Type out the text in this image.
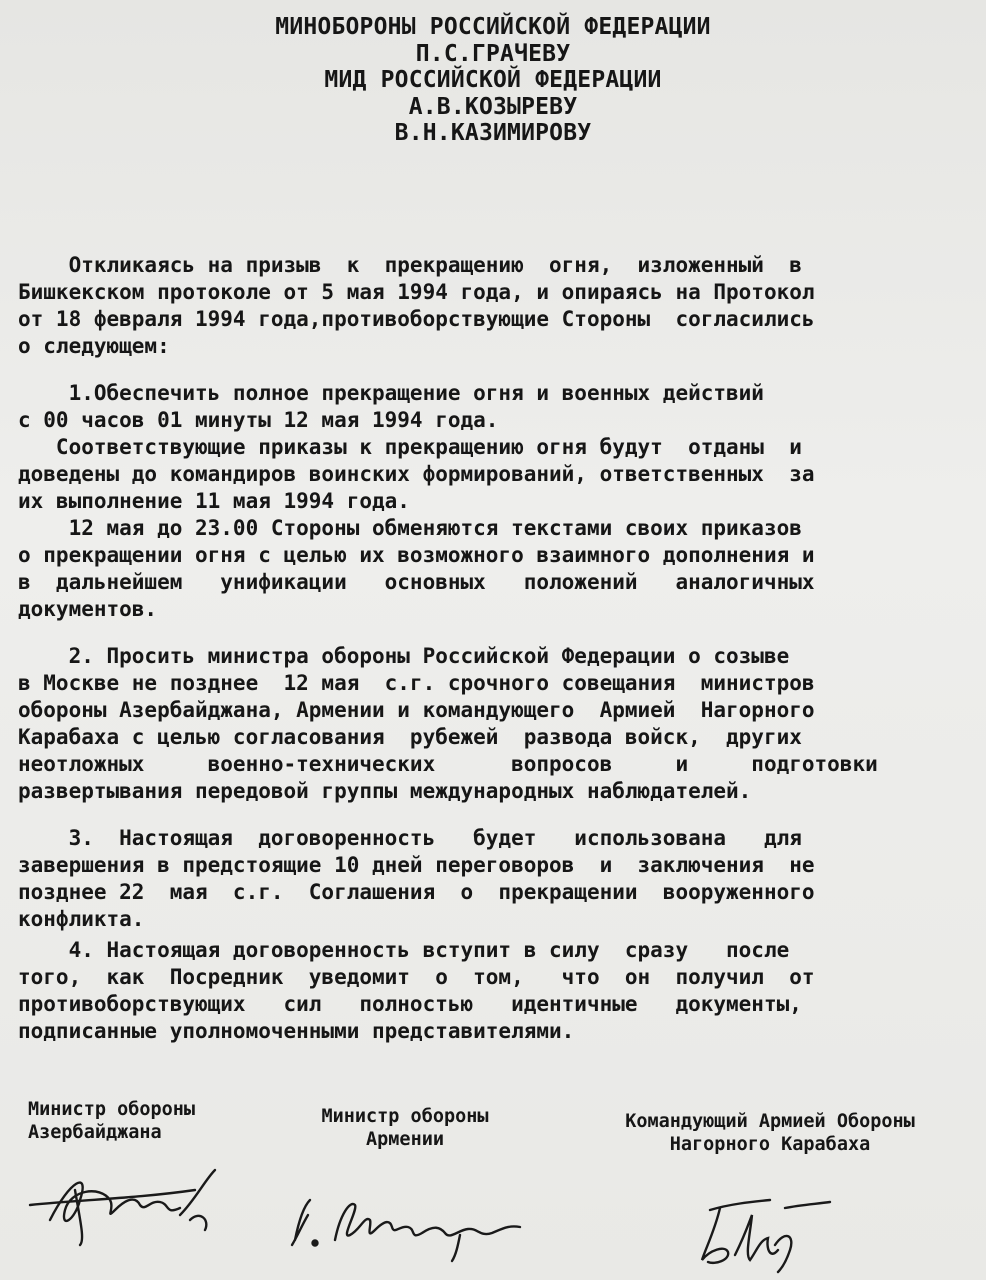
МИНОБОРОНЫ РОССИЙСКОЙ ФЕДЕРАЦИИ
П.С.ГРАЧЕВУ
МИД РОССИЙСКОЙ ФЕДЕРАЦИИ
А.В.КОЗЫРЕВУ
В.Н.КАЗИМИРОВУ
Откликаясь на призыв  к  прекращению  огня,  изложенный  в
Бишкекском протоколе от 5 мая 1994 года, и опираясь на Протокол
от 18 февраля 1994 года,противоборствующие Стороны  согласились
о следующем:
1.Обеспечить полное прекращение огня и военных действий
с 00 часов 01 минуты 12 мая 1994 года.
Соответствующие приказы к прекращению огня будут  отданы  и
доведены до командиров воинских формирований, ответственных  за
их выполнение 11 мая 1994 года.
12 мая до 23.00 Стороны обменяются текстами своих приказов
о прекращении огня с целью их возможного взаимного дополнения и
в  дальнейшем   унификации   основных   положений   аналогичных
документов.
2. Просить министра обороны Российской Федерации о созыве
в Москве не позднее  12 мая  с.г. срочного совещания  министров
обороны Азербайджана, Армении и командующего  Армией  Нагорного
Карабаха с целью согласования  рубежей  развода войск,  других
неотложных     военно-технических      вопросов     и     подготовки
развертывания передовой группы международных наблюдателей.
3.  Настоящая  договоренность   будет   использована   для
завершения в предстоящие 10 дней переговоров  и  заключения  не
позднее 22  мая  с.г.  Соглашения  о  прекращении  вооруженного
конфликта.
4. Настоящая договоренность вступит в силу  сразу   после
того,  как  Посредник  уведомит  о  том,   что  он  получил  от
противоборствующих   сил   полностью   идентичные   документы,
подписанные уполномоченными представителями.
Министр обороны
Азербайджана
Министр обороны
Армении
Командующий Армией Обороны
Нагорного Карабаха
